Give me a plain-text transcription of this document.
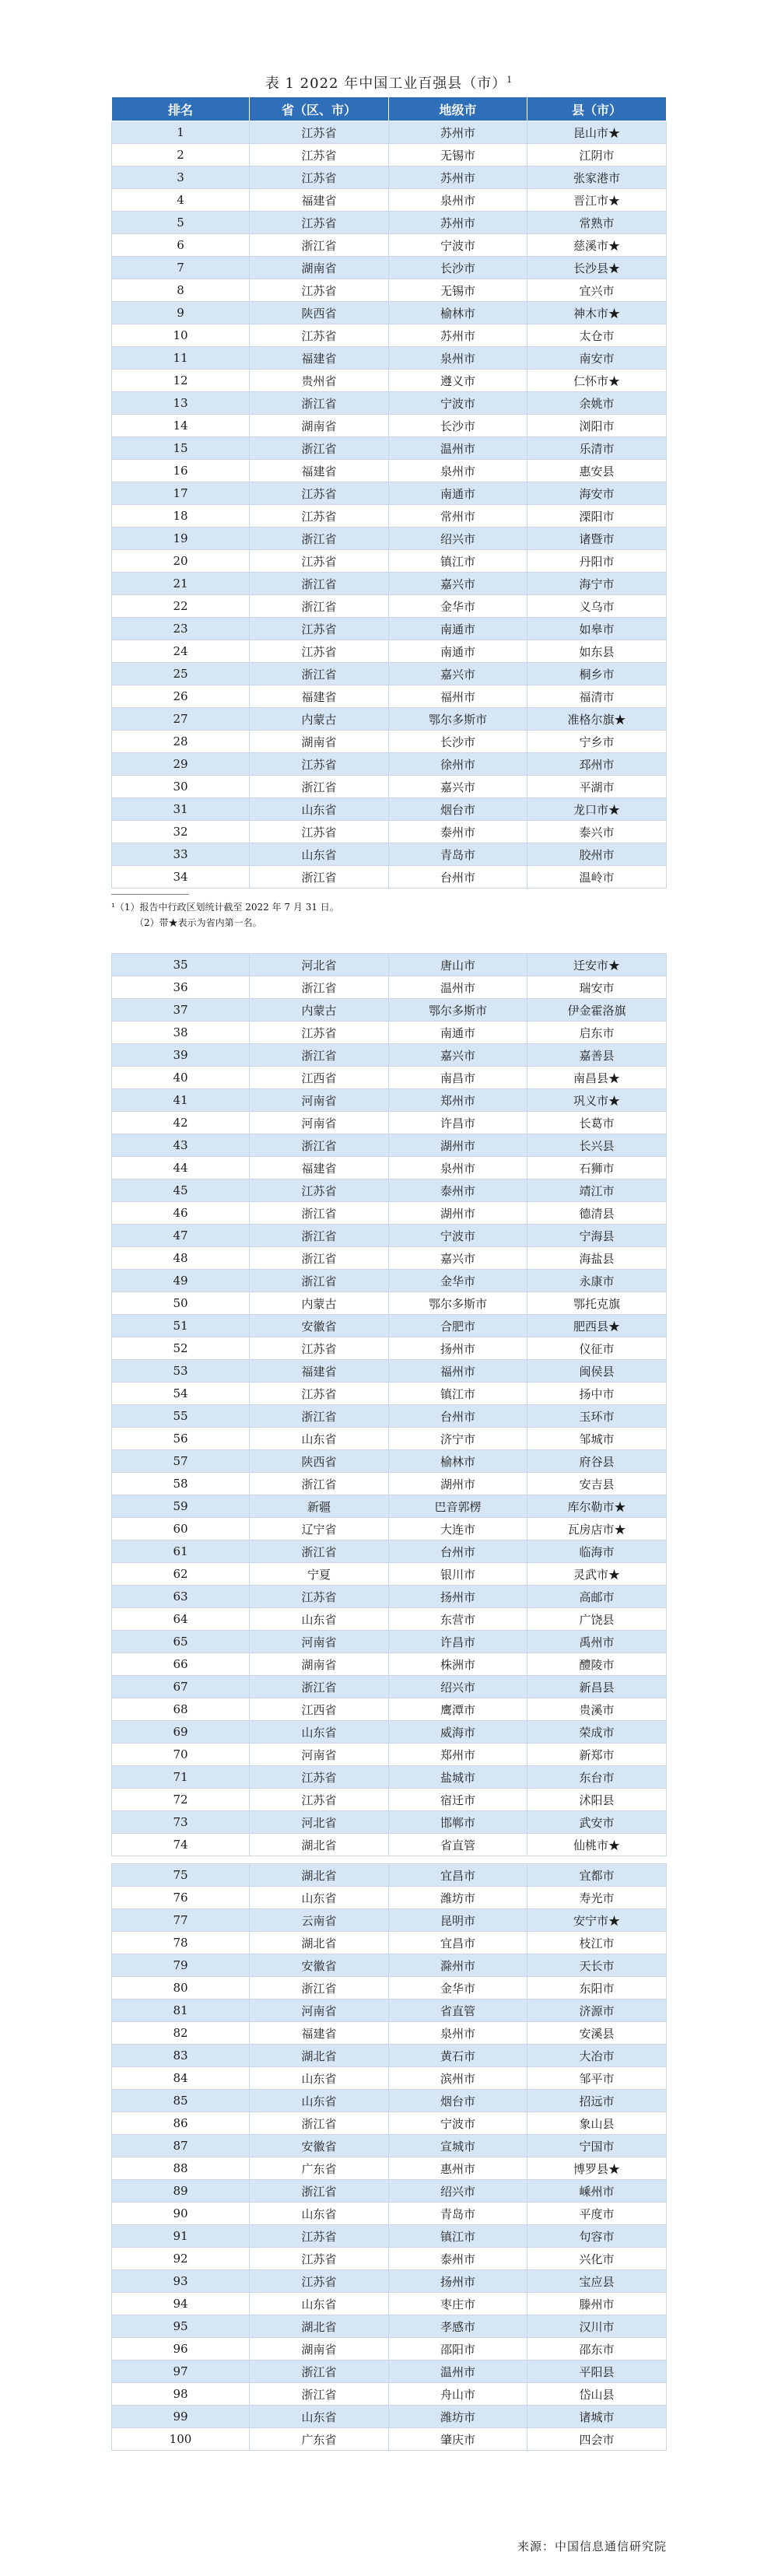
表 1 2022 年中国工业百强县（市）$^1$
排名	省（区、市）	地级市	县（市）
1	江苏省	苏州市	昆山市★
2	江苏省	无锡市	江阴市
3	江苏省	苏州市	张家港市
4	福建省	泉州市	晋江市★
5	江苏省	苏州市	常熟市
6	浙江省	宁波市	慈溪市★
7	湖南省	长沙市	长沙县★
8	江苏省	无锡市	宜兴市
9	陕西省	榆林市	神木市★
10	江苏省	苏州市	太仓市
11	福建省	泉州市	南安市
12	贵州省	遵义市	仁怀市★
13	浙江省	宁波市	余姚市
14	湖南省	长沙市	浏阳市
15	浙江省	温州市	乐清市
16	福建省	泉州市	惠安县
17	江苏省	南通市	海安市
18	江苏省	常州市	溧阳市
19	浙江省	绍兴市	诸暨市
20	江苏省	镇江市	丹阳市
21	浙江省	嘉兴市	海宁市
22	浙江省	金华市	义乌市
23	江苏省	南通市	如皋市
24	江苏省	南通市	如东县
25	浙江省	嘉兴市	桐乡市
26	福建省	福州市	福清市
27	内蒙古	鄂尔多斯市	准格尔旗★
28	湖南省	长沙市	宁乡市
29	江苏省	徐州市	邳州市
30	浙江省	嘉兴市	平湖市
31	山东省	烟台市	龙口市★
32	江苏省	泰州市	泰兴市
33	山东省	青岛市	胶州市
34	浙江省	台州市	温岭市
¹（1）报告中行政区划统计截至 2022 年 7 月 31 日。
（2）带★表示为省内第一名。
35	河北省	唐山市	迁安市★
36	浙江省	温州市	瑞安市
37	内蒙古	鄂尔多斯市	伊金霍洛旗
38	江苏省	南通市	启东市
39	浙江省	嘉兴市	嘉善县
40	江西省	南昌市	南昌县★
41	河南省	郑州市	巩义市★
42	河南省	许昌市	长葛市
43	浙江省	湖州市	长兴县
44	福建省	泉州市	石狮市
45	江苏省	泰州市	靖江市
46	浙江省	湖州市	德清县
47	浙江省	宁波市	宁海县
48	浙江省	嘉兴市	海盐县
49	浙江省	金华市	永康市
50	内蒙古	鄂尔多斯市	鄂托克旗
51	安徽省	合肥市	肥西县★
52	江苏省	扬州市	仪征市
53	福建省	福州市	闽侯县
54	江苏省	镇江市	扬中市
55	浙江省	台州市	玉环市
56	山东省	济宁市	邹城市
57	陕西省	榆林市	府谷县
58	浙江省	湖州市	安吉县
59	新疆	巴音郭楞	库尔勒市★
60	辽宁省	大连市	瓦房店市★
61	浙江省	台州市	临海市
62	宁夏	银川市	灵武市★
63	江苏省	扬州市	高邮市
64	山东省	东营市	广饶县
65	河南省	许昌市	禹州市
66	湖南省	株洲市	醴陵市
67	浙江省	绍兴市	新昌县
68	江西省	鹰潭市	贵溪市
69	山东省	威海市	荣成市
70	河南省	郑州市	新郑市
71	江苏省	盐城市	东台市
72	江苏省	宿迁市	沭阳县
73	河北省	邯郸市	武安市
74	湖北省	省直管	仙桃市★
75	湖北省	宜昌市	宜都市
76	山东省	潍坊市	寿光市
77	云南省	昆明市	安宁市★
78	湖北省	宜昌市	枝江市
79	安徽省	滁州市	天长市
80	浙江省	金华市	东阳市
81	河南省	省直管	济源市
82	福建省	泉州市	安溪县
83	湖北省	黄石市	大冶市
84	山东省	滨州市	邹平市
85	山东省	烟台市	招远市
86	浙江省	宁波市	象山县
87	安徽省	宣城市	宁国市
88	广东省	惠州市	博罗县★
89	浙江省	绍兴市	嵊州市
90	山东省	青岛市	平度市
91	江苏省	镇江市	句容市
92	江苏省	泰州市	兴化市
93	江苏省	扬州市	宝应县
94	山东省	枣庄市	滕州市
95	湖北省	孝感市	汉川市
96	湖南省	邵阳市	邵东市
97	浙江省	温州市	平阳县
98	浙江省	舟山市	岱山县
99	山东省	潍坊市	诸城市
100	广东省	肇庆市	四会市
来源：中国信息通信研究院
